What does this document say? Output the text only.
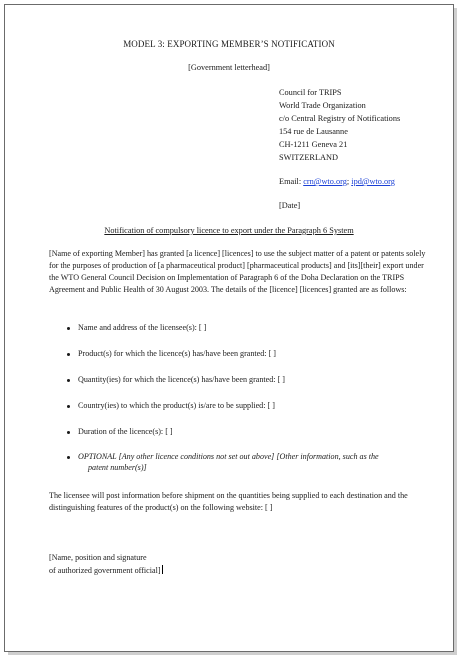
MODEL 3: EXPORTING MEMBER’S NOTIFICATION
[Government letterhead]
Council for TRIPS
World Trade Organization
c/o Central Registry of Notifications
154 rue de Lausanne
CH-1211 Geneva 21
SWITZERLAND
Email: crn@wto.org; ipd@wto.org
[Date]
Notification of compulsory licence to export under the Paragraph 6 System
[Name of exporting Member] has granted [a licence] [licences] to use the subject matter of a patent or patents solely for the purposes of production of [a pharmaceutical product] [pharmaceutical products] and [its][their] export under the WTO General Council Decision on Implementation of Paragraph 6 of the Doha Declaration on the TRIPS Agreement and Public Health of 30 August 2003. The details of the [licence] [licences] granted are as follows:
Name and address of the licensee(s): [ ]
Product(s) for which the licence(s) has/have been granted: [ ]
Quantity(ies) for which the licence(s) has/have been granted: [ ]
Country(ies) to which the product(s) is/are to be supplied: [ ]
Duration of the licence(s): [ ]
OPTIONAL [Any other licence conditions not set out above] [Other information, such as the
patent number(s)]
The licensee will post information before shipment on the quantities being supplied to each destination and the distinguishing features of the product(s) on the following website: [ ]
[Name, position and signature
of authorized government official]
